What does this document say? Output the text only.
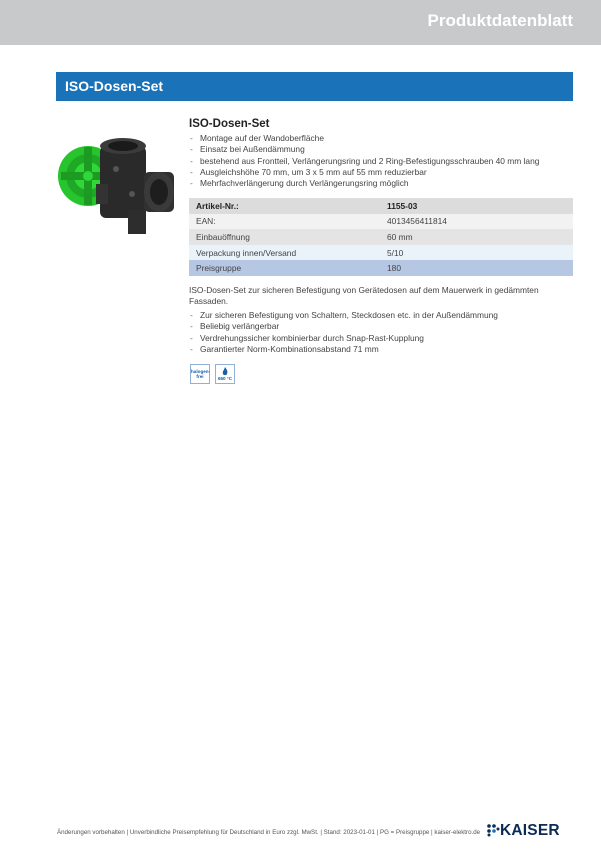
Produktdatenblatt
ISO-Dosen-Set
ISO-Dosen-Set
- Montage auf der Wandoberfläche
- Einsatz bei Außendämmung
- bestehend aus Frontteil, Verlängerungsring und 2 Ring-Befestigungsschrauben 40 mm lang
- Ausgleichshöhe 70 mm, um 3 x 5 mm auf 55 mm reduzierbar
- Mehrfachverlängerung durch Verlängerungsring möglich
Artikel-Nr.:	1155-03
EAN:	4013456411814
Einbauöffnung	60 mm
Verpackung innen/Versand	5/10
Preisgruppe	180
ISO-Dosen-Set zur sicheren Befestigung von Gerätedosen auf dem Mauerwerk in gedämmten Fassaden.
- Zur sicheren Befestigung von Schaltern, Steckdosen etc. in der Außendämmung
- Beliebig verlängerbar
- Verdrehungssicher kombinierbar durch Snap-Rast-Kupplung
- Garantierter Norm-Kombinationsabstand 71 mm
halogen-
frei	650 °C
Änderungen vorbehalten | Unverbindliche Preisempfehlung für Deutschland in Euro zzgl. MwSt. | Stand: 2023-01-01 | PG = Preisgruppe | kaiser-elektro.de KAISER
